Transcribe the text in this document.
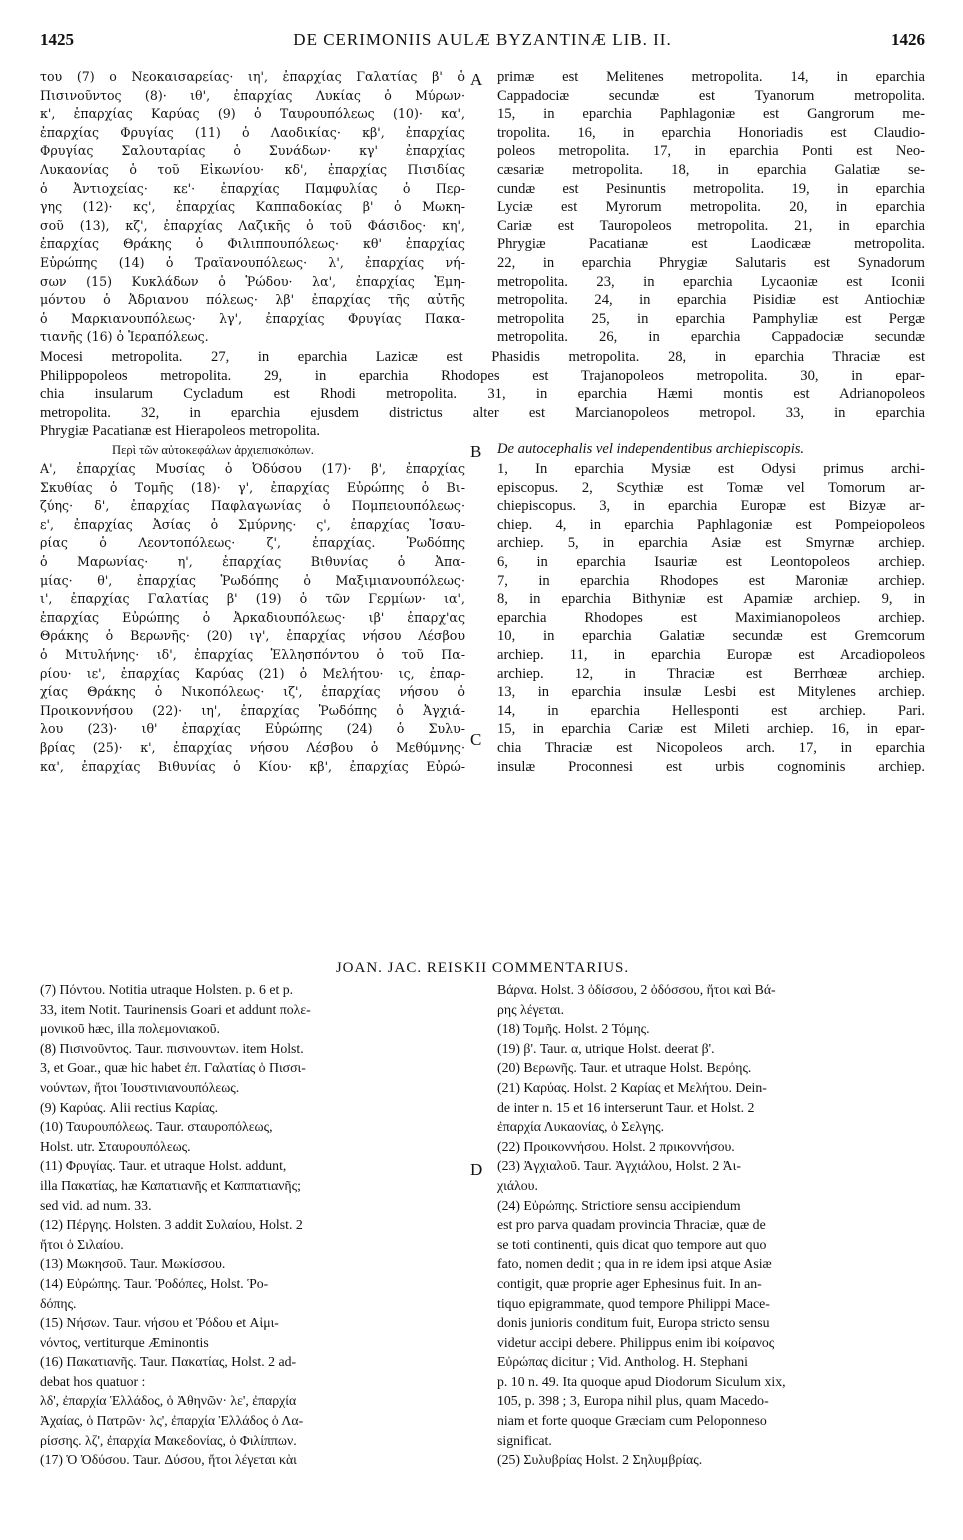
1425	DE CERIMONIIS AULÆ BYZANTINÆ LIB. II.	1426
του (7) ο Νεοκαισαρείας· ιη', ἐπαρχίας Γαλατίας β' ὁ
Πισινοῦντος (8)· ιθ', ἐπαρχίας Λυκίας ὁ Μύρων·
κ', ἐπαρχίας Καρύας (9) ὁ Ταυρουπόλεως (10)· κα',
ἐπαρχίας Φρυγίας (11) ὁ Λαοδικίας· κβ', ἐπαρχίας
Φρυγίας Σαλουταρίας ὁ Συνάδων· κγ' ἐπαρχίας
Λυκαονίας ὁ τοῦ Εἰκωνίου· κδ', ἐπαρχίας Πισιδίας
ὁ Ἀντιοχείας· κε'· ἐπαρχίας Παμφυλίας ὁ Περ-
γης (12)· κς', ἐπαρχίας Καππαδοκίας β' ὁ Μωκη-
σοῦ (13), κζ', ἐπαρχίας Λαζικῆς ὁ τοῦ Φάσιδος· κη',
ἐπαρχίας Θράκης ὁ Φιλιππουπόλεως· κθ' ἐπαρχίας
Εὐρώπης (14) ὁ Τραϊανουπόλεως· λ', ἐπαρχίας νή-
σων (15) Κυκλάδων ὁ Ῥώδου· λα', ἐπαρχίας Ἑμη-
μόντου ὁ Ἀδριανου πόλεως· λβ' ἐπαρχίας τῆς αὐτῆς
ὁ Μαρκιανουπόλεως· λγ', ἐπαρχίας Φρυγίας Πακα-
τιανῆς (16) ὁ Ἱεραπόλεως.
A primæ est Melitenes metropolita. 14, in eparchia
Cappadociæ secundæ est Tyanorum metropolita.
15, in eparchia Paphlagoniæ est Gangrorum me-
tropolita. 16, in eparchia Honoriadis est Claudio-
poleos metropolita. 17, in eparchia Ponti est Neo-
cæsariæ metropolita. 18, in eparchia Galatiæ se-
cundæ est Pesinuntis metropolita. 19, in eparchia
Lyciæ est Myrorum metropolita. 20, in eparchia
Cariæ est Tauropoleos metropolita. 21, in eparchia
Phrygiæ Pacatianæ est Laodicææ metropolita.
22, in eparchia Phrygiæ Salutaris est Synadorum
metropolita. 23, in eparchia Lycaoniæ est Iconii
metropolita. 24, in eparchia Pisidiæ est Antiochiæ
metropolita 25, in eparchia Pamphyliæ est Pergæ
metropolita. 26, in eparchia Cappadociæ secundæ
Mocesi metropolita. 27, in eparchia Lazicæ est Phasidis metropolita. 28, in eparchia Thraciæ est
Philippopoleos metropolita. 29, in eparchia Rhodopes est Trajanopoleos metropolita. 30, in epar-
chia insularum Cycladum est Rhodi metropolita. 31, in eparchia Hæmi montis est Adrianopoleos
metropolita. 32, in eparchia ejusdem districtus alter est Marcianopoleos metropol. 33, in eparchia
Phrygiæ Pacatianæ est Hierapoleos metropolita.
Περὶ τῶν αὐτοκεφάλων ἀρχιεπισκόπων.	B De autocephalis vel independentibus archiepiscopis.
Α', ἐπαρχίας Μυσίας ὁ Ὀδύσου (17)· β', ἐπαρχίας
Σκυθίας ὁ Τομῆς (18)· γ', ἐπαρχίας Εὐρώπης ὁ Βι-
ζύης· δ', ἐπαρχίας Παφλαγωνίας ὁ Πομπειουπόλεως·
ε', ἐπαρχίας Ἀσίας ὁ Σμύρνης· ς', ἐπαρχίας Ἰσαυ-
ρίας ὁ Λεοντοπόλεως· ζ', ἐπαρχίας. Ῥωδόπης
ὁ Μαρωνίας· η', ἐπαρχίας Βιθυνίας ὁ Ἀπα-
μίας· θ', ἐπαρχίας Ῥωδόπης ὁ Μαξιμιανουπόλεως·
ι', ἐπαρχίας Γαλατίας β' (19) ὁ τῶν Γερμίων· ια',
ἐπαρχίας Εὐρώπης ὁ Ἀρκαδιουπόλεως· ιβ' ἐπαρχ'ας
Θράκης ὁ Βερωνῆς· (20) ιγ', ἐπαρχίας νήσου Λέσβου
ὁ Μιτυλήνης· ιδ', ἐπαρχίας Ἑλλησπόντου ὁ τοῦ Πα-
ρίου· ιε', ἐπαρχίας Καρύας (21) ὁ Μελήτου· ις, ἐπαρ-
χίας Θράκης ὁ Νικοπόλεως· ιζ', ἐπαρχίας νήσου ὁ
Προικοννήσου (22)· ιη', ἐπαρχίας Ῥωδόπης ὁ Ἀγχιά-
λου (23)· ιθ' ἐπαρχίας Εὐρώπης (24) ὁ Συλυ-
βρίας (25)· κ', ἐπαρχίας νήσου Λέσβου ὁ Μεθύμνης·
κα', ἐπαρχίας Βιθυνίας ὁ Κίου· κβ', ἐπαρχίας Εὐρώ-
C
1, In eparchia Mysiæ est Odysi primus archi-
episcopus. 2, Scythiæ est Tomæ vel Tomorum ar-
chiepiscopus. 3, in eparchia Europæ est Bizyæ ar-
chiep. 4, in eparchia Paphlagoniæ est Pompeiopoleos
archiep. 5, in eparchia Asiæ est Smyrnæ archiep.
6, in eparchia Isauriæ est Leontopoleos archiep.
7, in eparchia Rhodopes est Maroniæ archiep.
8, in eparchia Bithyniæ est Apamiæ archiep. 9, in
eparchia Rhodopes est Maximianopoleos archiep.
10, in eparchia Galatiæ secundæ est Gremcorum
archiep. 11, in eparchia Europæ est Arcadiopoleos
archiep. 12, in Thraciæ est Berrhœæ archiep.
13, in eparchia insulæ Lesbi est Mitylenes archiep.
14, in eparchia Hellesponti est archiep. Pari.
15, in eparchia Cariæ est Mileti archiep. 16, in epar-
chia Thraciæ est Nicopoleos arch. 17, in eparchia
insulæ Proconnesi est urbis cognominis archiep.
JOAN. JAC. REISKII COMMENTARIUS.
(7) Πόντου. Notitia utraque Holsten. p. 6 et p.
33, item Notit. Taurinensis Goari et addunt πολε-
μονικοῦ hæc, illa πολεμονιακοῦ.
(8) Πισινοῦντος. Taur. πισινουντων. item Holst.
3, et Goar., quæ hic habet ἐπ. Γαλατίας ὁ Πισσι-
νούντων, ἤτοι Ἰουστινιανουπόλεως.
(9) Καρύας. Alii rectius Καρίας.
(10) Ταυρουπόλεως. Taur. σταυροπόλεως,
Holst. utr. Σταυρουπόλεως.
(11) Φρυγίας. Taur. et utraque Holst. addunt,
illa Πακατίας, hæ Καπατιανῆς et Καππατιανῆς;
sed vid. ad num. 33.
(12) Πέργης. Holsten. 3 addit Συλαίου, Holst. 2
ἤτοι ὁ Σιλαίου.
(13) Μωκησοῦ. Taur. Μωκίσσου.
(14) Εὐρώπης. Taur. Ῥοδόπες, Holst. Ῥο-
δόπης.
(15) Νήσων. Taur. νήσου et Ῥόδου et Αἱμι-
νόντος, vertiturque Æminontis
(16) Πακατιανῆς. Taur. Πακατίας, Holst. 2 ad-
debat hos quatuor :
λδ', ἐπαρχία Ἑλλάδος, ὁ Ἀθηνῶν· λε', ἐπαρχία
Ἀχαίας, ὁ Πατρῶν· λς', ἐπαρχία Ἑλλάδος ὁ Λα-
ρίσσης. λζ', ἐπαρχία Μακεδονίας, ὁ Φιλίππων.
(17) Ὁ Ὀδύσου. Taur. Δύσου, ἤτοι λέγεται κὰι
D
Βάρνα. Holst. 3 ὀδίσσου, 2 ὀδόσσου, ἤτοι καὶ Βά-
ρης λέγεται.
(18) Τομῆς. Holst. 2 Τόμης.
(19) β'. Taur. α, utrique Holst. deerat β'.
(20) Βερωνῆς. Taur. et utraque Holst. Βερόης.
(21) Καρύας. Holst. 2 Καρίας et Μελήτου. Dein-
de inter n. 15 et 16 interserunt Taur. et Holst. 2
ἐπαρχία Λυκαονίας, ὁ Σελγης.
(22) Προικοννήσου. Holst. 2 πρικοννήσου.
(23) Ἀγχιαλοῦ. Taur. Ἀγχιάλου, Holst. 2 Ἀι-
χιάλου.
(24) Εὐρώπης. Strictiore sensu accipiendum
est pro parva quadam provincia Thraciæ, quæ de
se toti continenti, quis dicat quo tempore aut quo
fato, nomen dedit ; qua in re idem ipsi atque Asiæ
contigit, quæ proprie ager Ephesinus fuit. In an-
tiquo epigrammate, quod tempore Philippi Mace-
donis junioris conditum fuit, Europa stricto sensu
videtur accipi debere. Philippus enim ibi κοίρανος
Εὐρώπας dicitur ; Vid. Antholog. H. Stephani
p. 10 n. 49. Ita quoque apud Diodorum Siculum xix,
105, p. 398 ; 3, Europa nihil plus, quam Macedo-
niam et forte quoque Græciam cum Peloponneso
significat.
(25) Συλυβρίας Holst. 2 Σηλυμβρίας.
